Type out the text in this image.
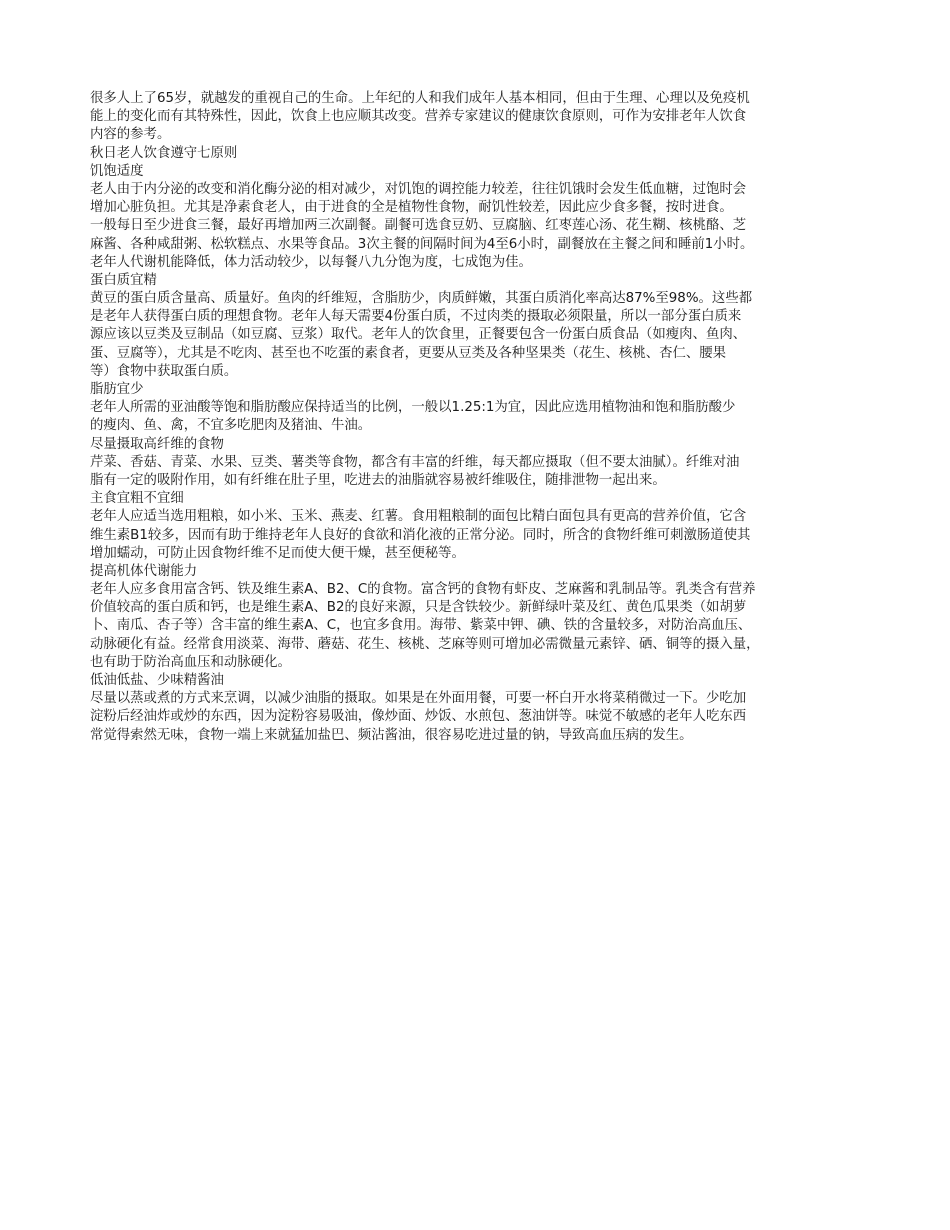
很多人上了65岁，就越发的重视自己的生命。上年纪的人和我们成年人基本相同，但由于生理、心理以及免疫机
能上的变化而有其特殊性，因此，饮食上也应顺其改变。营养专家建议的健康饮食原则，可作为安排老年人饮食
内容的参考。
秋日老人饮食遵守七原则
饥饱适度
老人由于内分泌的改变和消化酶分泌的相对减少，对饥饱的调控能力较差，往往饥饿时会发生低血糖，过饱时会
增加心脏负担。尤其是净素食老人，由于进食的全是植物性食物，耐饥性较差，因此应少食多餐，按时进食。
一般每日至少进食三餐，最好再增加两三次副餐。副餐可选食豆奶、豆腐脑、红枣莲心汤、花生糊、核桃酪、芝
麻酱、各种咸甜粥、松软糕点、水果等食品。3次主餐的间隔时间为4至6小时，副餐放在主餐之间和睡前1小时。
老年人代谢机能降低，体力活动较少，以每餐八九分饱为度，七成饱为佳。
蛋白质宜精
黄豆的蛋白质含量高、质量好。鱼肉的纤维短，含脂肪少，肉质鲜嫩，其蛋白质消化率高达87%至98%。这些都
是老年人获得蛋白质的理想食物。老年人每天需要4份蛋白质，不过肉类的摄取必须限量，所以一部分蛋白质来
源应该以豆类及豆制品（如豆腐、豆浆）取代。老年人的饮食里，正餐要包含一份蛋白质食品（如瘦肉、鱼肉、
蛋、豆腐等），尤其是不吃肉、甚至也不吃蛋的素食者，更要从豆类及各种坚果类（花生、核桃、杏仁、腰果
等）食物中获取蛋白质。
脂肪宜少
老年人所需的亚油酸等饱和脂肪酸应保持适当的比例，一般以1.25:1为宜，因此应选用植物油和饱和脂肪酸少
的瘦肉、鱼、禽，不宜多吃肥肉及猪油、牛油。
尽量摄取高纤维的食物
芹菜、香菇、青菜、水果、豆类、薯类等食物，都含有丰富的纤维，每天都应摄取（但不要太油腻）。纤维对油
脂有一定的吸附作用，如有纤维在肚子里，吃进去的油脂就容易被纤维吸住，随排泄物一起出来。
主食宜粗不宜细
老年人应适当选用粗粮，如小米、玉米、燕麦、红薯。食用粗粮制的面包比精白面包具有更高的营养价值，它含
维生素B1较多，因而有助于维持老年人良好的食欲和消化液的正常分泌。同时，所含的食物纤维可刺激肠道使其
增加蠕动，可防止因食物纤维不足而使大便干燥，甚至便秘等。
提高机体代谢能力
老年人应多食用富含钙、铁及维生素A、B2、C的食物。富含钙的食物有虾皮、芝麻酱和乳制品等。乳类含有营养
价值较高的蛋白质和钙，也是维生素A、B2的良好来源，只是含铁较少。新鲜绿叶菜及红、黄色瓜果类（如胡萝
卜、南瓜、杏子等）含丰富的维生素A、C，也宜多食用。海带、紫菜中钾、碘、铁的含量较多，对防治高血压、
动脉硬化有益。经常食用淡菜、海带、蘑菇、花生、核桃、芝麻等则可增加必需微量元素锌、硒、铜等的摄入量，
也有助于防治高血压和动脉硬化。
低油低盐、少味精酱油
尽量以蒸或煮的方式来烹调，以减少油脂的摄取。如果是在外面用餐，可要一杯白开水将菜稍微过一下。少吃加
淀粉后经油炸或炒的东西，因为淀粉容易吸油，像炒面、炒饭、水煎包、葱油饼等。味觉不敏感的老年人吃东西
常觉得索然无味，食物一端上来就猛加盐巴、频沾酱油，很容易吃进过量的钠，导致高血压病的发生。
